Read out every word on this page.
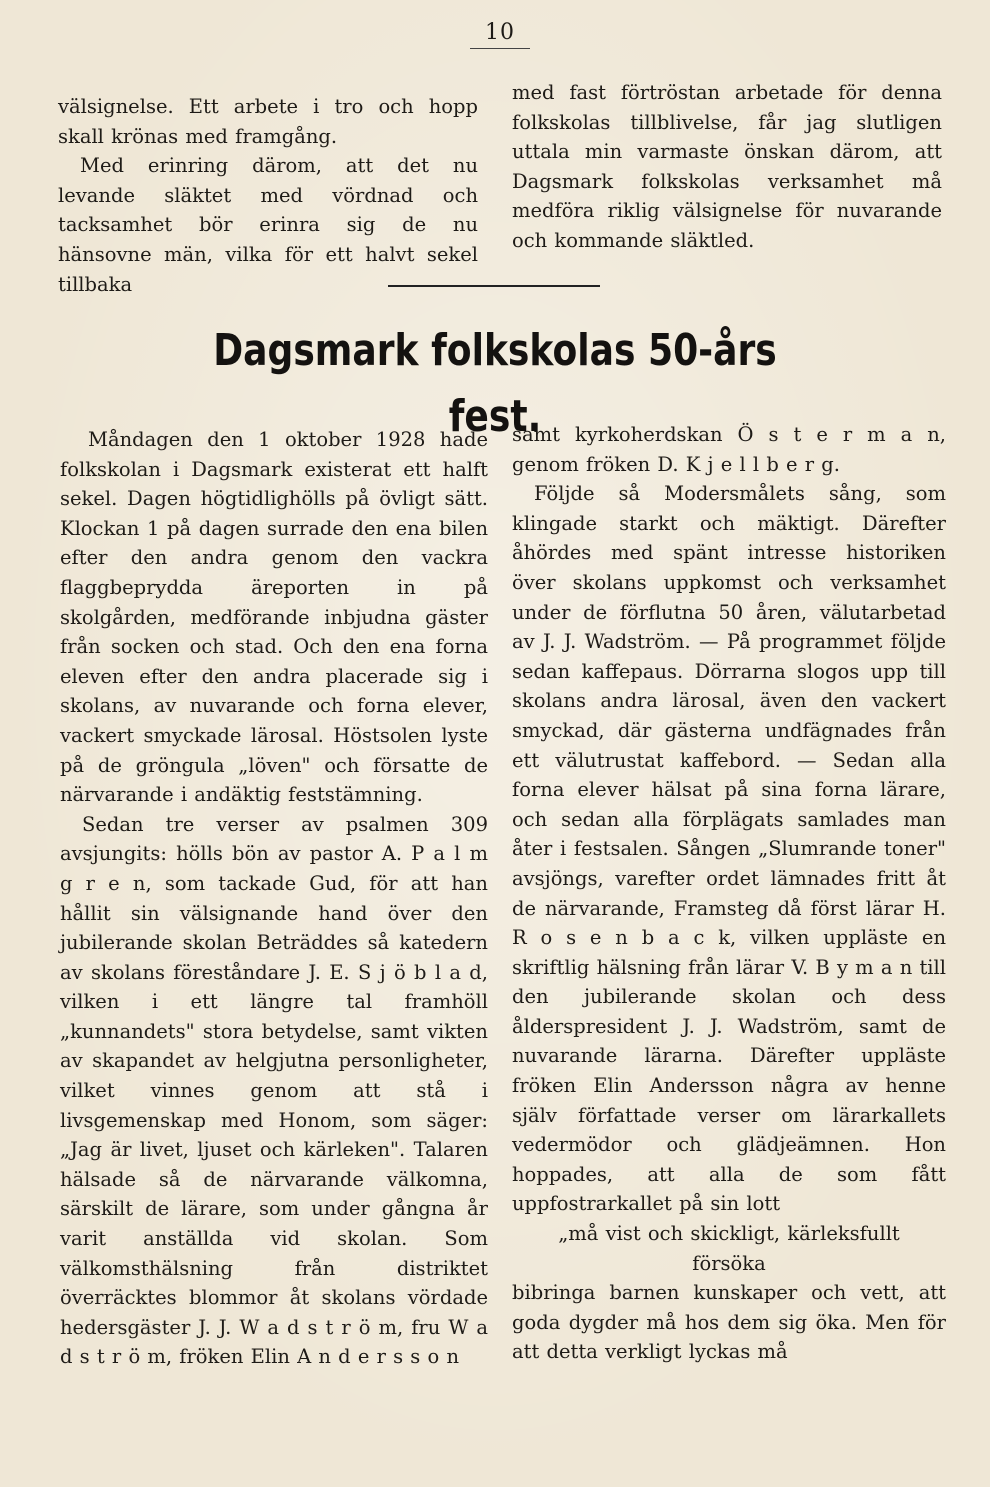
10

välsignelse. Ett arbete i tro och hopp skall krönas med framgång.

Med erinring därom, att det nu levande släktet med vördnad och tacksamhet bör erinra sig de nu hänsovne män, vilka för ett halvt sekel tillbaka

med fast förtröstan arbetade för denna folkskolas tillblivelse, får jag slutligen uttala min varmaste önskan därom, att Dagsmark folkskolas verksamhet må medföra riklig välsignelse för nuvarande och kommande släktled.

Dagsmark folkskolas 50-års fest.

Måndagen den 1 oktober 1928 hade folkskolan i Dagsmark existerat ett halft sekel. Dagen högtidlighölls på övligt sätt. Klockan 1 på dagen surrade den ena bilen efter den andra genom den vackra flaggbeprydda äreporten in på skolgården, medförande inbjudna gäster från socken och stad. Och den ena forna eleven efter den andra placerade sig i skolans, av nuvarande och forna elever, vackert smyckade lärosal. Höstsolen lyste på de gröngula „löven" och försatte de närvarande i andäktig feststämning.

Sedan tre verser av psalmen 309 avsjungits: hölls bön av pastor A. P a l m g r e n, som tackade Gud, för att han hållit sin välsignande hand över den jubilerande skolan Beträddes så katedern av skolans föreståndare J. E. S j ö b l a d, vilken i ett längre tal framhöll „kunnandets" stora betydelse, samt vikten av skapandet av helgjutna personligheter, vilket vinnes genom att stå i livsgemenskap med Honom, som säger: „Jag är livet, ljuset och kärleken". Talaren hälsade så de närvarande välkomna, särskilt de lärare, som under gångna år varit anställda vid skolan. Som välkomsthälsning från distriktet överräcktes blommor åt skolans vördade hedersgäster J. J. W a d s t r ö m, fru W a d s t r ö m, fröken Elin A n d e r s s o n

samt kyrkoherdskan Ö s t e r m a n, genom fröken D. K j e l l b e r g.

Följde så Modersmålets sång, som klingade starkt och mäktigt. Därefter åhördes med spänt intresse historiken över skolans uppkomst och verksamhet under de förflutna 50 åren, välutarbetad av J. J. Wadström. — På programmet följde sedan kaffepaus. Dörrarna slogos upp till skolans andra lärosal, även den vackert smyckad, där gästerna undfägnades från ett välutrustat kaffebord. — Sedan alla forna elever hälsat på sina forna lärare, och sedan alla förplägats samlades man åter i festsalen. Sången „Slumrande toner" avsjöngs, varefter ordet lämnades fritt åt de närvarande, Framsteg då först lärar H. R o s e n b a c k, vilken uppläste en skriftlig hälsning från lärar V. B y m a n till den jubilerande skolan och dess ålderspresident J. J. Wadström, samt de nuvarande lärarna. Därefter uppläste fröken Elin Andersson några av henne själv författade verser om lärarkallets vedermödor och glädjeämnen. Hon hoppades, att alla de som fått uppfostrarkallet på sin lott

„må vist och skickligt, kärleksfullt

försöka

bibringa barnen kunskaper och vett, att goda dygder må hos dem sig öka. Men för att detta verkligt lyckas må
